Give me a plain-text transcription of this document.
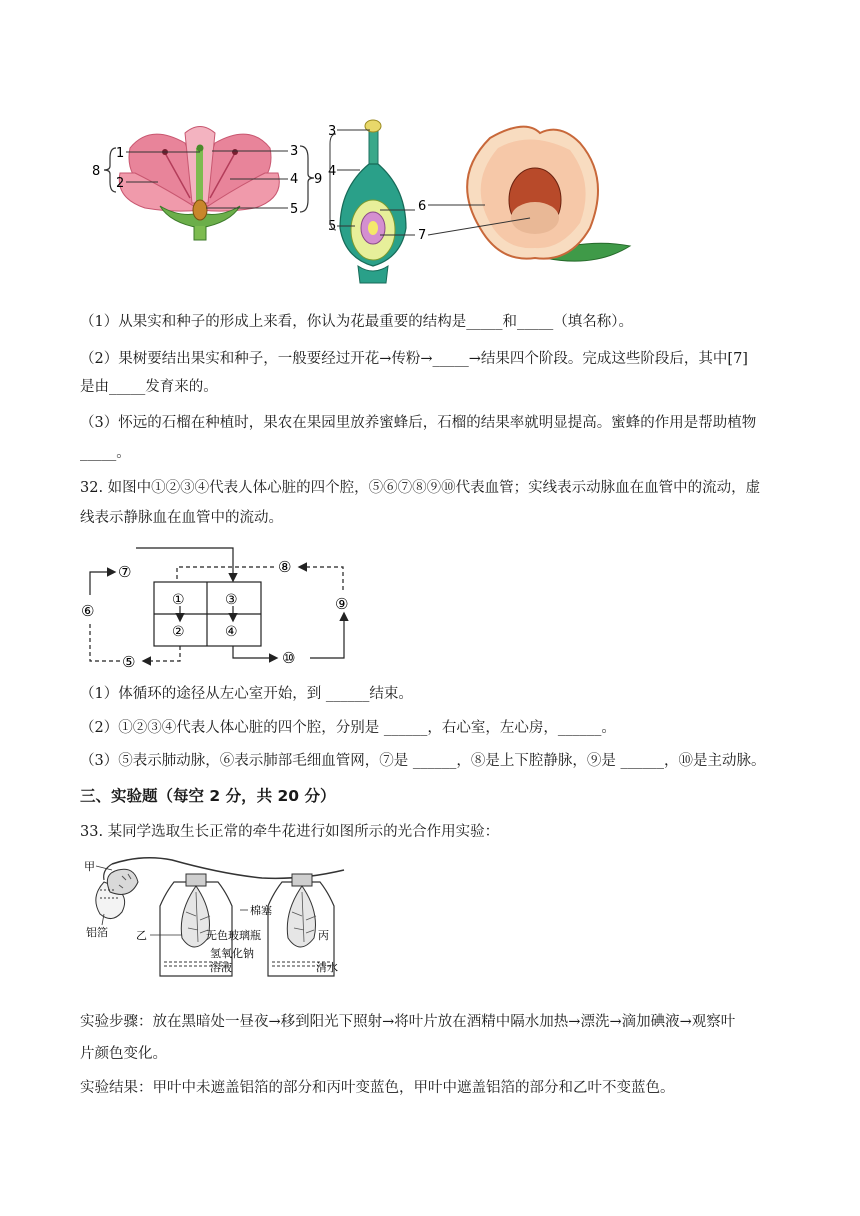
1
2
8
3
4
5
9
3
4
5
6
7
（1）从果实和种子的形成上来看，你认为花最重要的结构是_____和_____（填名称）。
（2）果树要结出果实和种子，一般要经过开花→传粉→_____→结果四个阶段。完成这些阶段后，其中[7]
是由_____发育来的。
（3）怀远的石榴在种植时，果农在果园里放养蜜蜂后，石榴的结果率就明显提高。蜜蜂的作用是帮助植物
_____。
32. 如图中①②③④代表人体心脏的四个腔，⑤⑥⑦⑧⑨⑩代表血管；实线表示动脉血在血管中的流动，虚
线表示静脉血在血管中的流动。
①
②
③
④
⑦
⑥
⑤
⑧
⑨
⑩
（1）体循环的途径从左心室开始，到 ______结束。
（2）①②③④代表人体心脏的四个腔，分别是 ______，右心室，左心房，______。
（3）⑤表示肺动脉，⑥表示肺部毛细血管网，⑦是 ______，⑧是上下腔静脉，⑨是 ______，⑩是主动脉。
三、实验题（每空 2 分，共 20 分）
33. 某同学选取生长正常的牵牛花进行如图所示的光合作用实验：
甲
铝箔
棉塞
乙	无色玻璃瓶	丙
氢氧化钠
溶液	清水
实验步骤：放在黑暗处一昼夜→移到阳光下照射→将叶片放在酒精中隔水加热→漂洗→滴加碘液→观察叶
片颜色变化。
实验结果：甲叶中未遮盖铝箔的部分和丙叶变蓝色，甲叶中遮盖铝箔的部分和乙叶不变蓝色。
